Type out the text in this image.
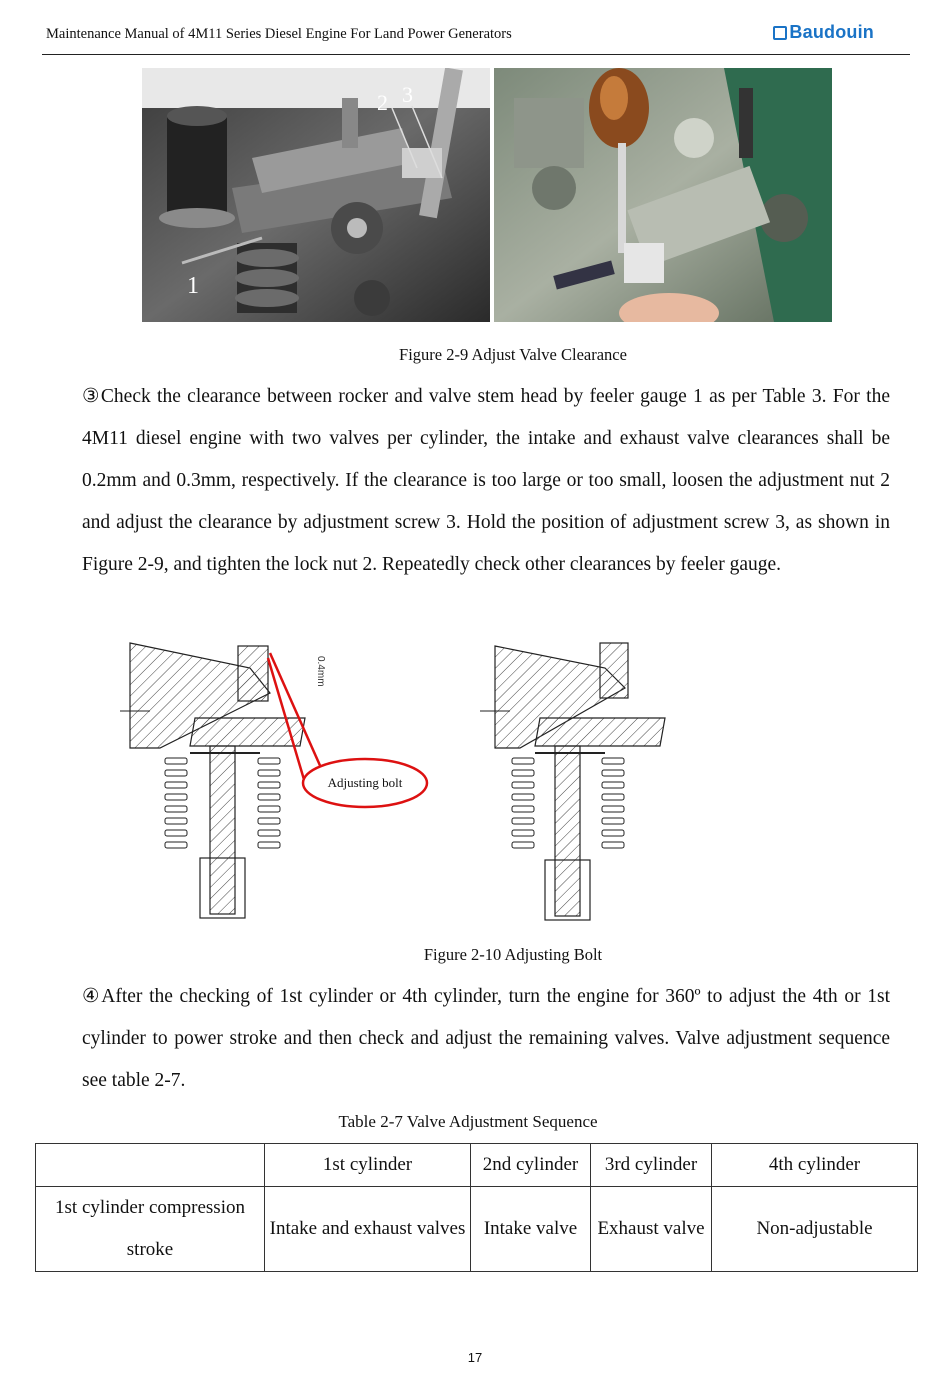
Maintenance Manual of 4M11 Series Diesel Engine For Land Power Generators	Baudouin
2 3
1
Figure 2-9 Adjust Valve Clearance
③Check the clearance between rocker and valve stem head by feeler gauge 1 as per Table 3. For the 4M11 diesel engine with two valves per cylinder, the intake and exhaust valve clearances shall be 0.2mm and 0.3mm, respectively. If the clearance is too large or too small, loosen the adjustment nut 2 and adjust the clearance by adjustment screw 3. Hold the position of adjustment screw 3, as shown in Figure 2-9, and tighten the lock nut 2. Repeatedly check other clearances by feeler gauge.
Adjusting bolt
0.4mm
Figure 2-10 Adjusting Bolt
④After the checking of 1st cylinder or 4th cylinder, turn the engine for 360º to adjust the 4th or 1st cylinder to power stroke and then check and adjust the remaining valves. Valve adjustment sequence see table 2-7.
Table 2-7 Valve Adjustment Sequence
	1st cylinder	2nd cylinder	3rd cylinder	4th cylinder
1st cylinder compression stroke	Intake and exhaust valves	Intake valve	Exhaust valve	Non-adjustable
17
